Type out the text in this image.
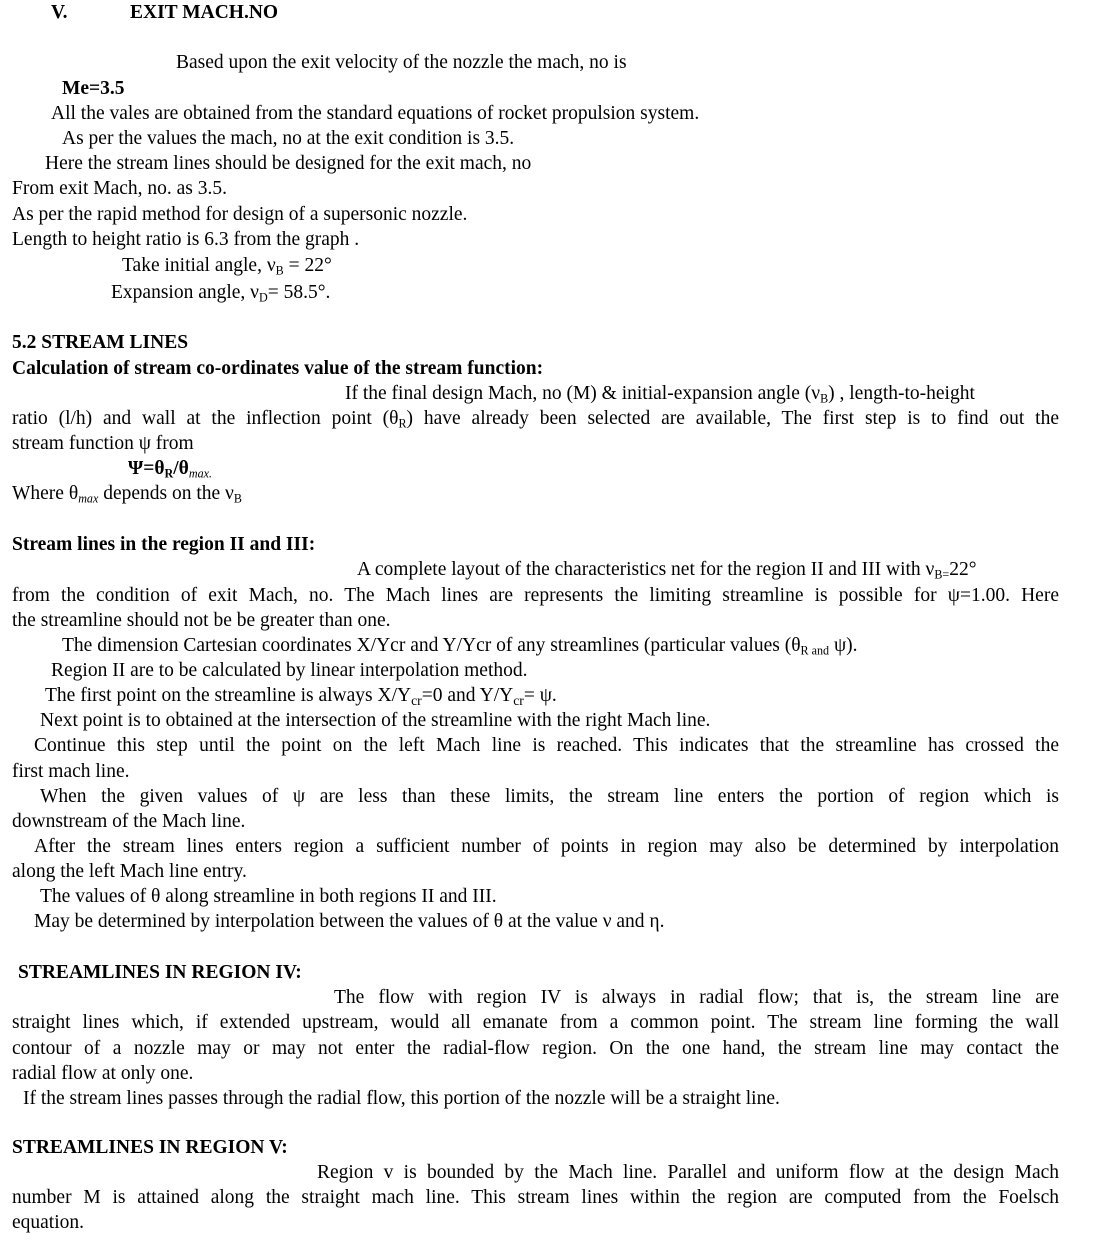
V.	EXIT MACH.NO
Based upon the exit velocity of the nozzle the mach, no is
Me=3.5
All the vales are obtained from the standard equations of rocket propulsion system.
As per the values the mach, no at the exit condition is 3.5.
Here the stream lines should be designed for the exit mach, no
From exit Mach, no. as 3.5.
As per the rapid method for design of a supersonic nozzle.
Length to height ratio is 6.3 from the graph .
Take initial angle, $\nu_B = 22^\circ$
Expansion angle, $\nu_D= 58.5^\circ$.
5.2 STREAM LINES
Calculation of stream co-ordinates value of the stream function:
If the final design Mach, no (M) & initial-expansion angle $(\nu_B)$ , length-to-height
ratio (l/h) and wall at the inflection point $(\theta_R)$ have already been selected are available, The first step is to find out the
stream function ψ from
$\Psi=\theta_R/\theta_{max.}$
Where $\theta_{max}$ depends on the $\nu_B$
Stream lines in the region II and III:
A complete layout of the characteristics net for the region II and III with $\nu_{B=}22^\circ$
from the condition of exit Mach, no. The Mach lines are represents the limiting streamline is possible for ψ=1.00. Here
the streamline should not be be greater than one.
The dimension Cartesian coordinates X/Ycr and Y/Ycr of any streamlines (particular values ($\theta_{R and}$ ψ).
Region II are to be calculated by linear interpolation method.
The first point on the streamline is always $X/Y_{cr}=0$ and $Y/Y_{cr}= \psi$.
Next point is to obtained at the intersection of the streamline with the right Mach line.
Continue this step until the point on the left Mach line is reached. This indicates that the streamline has crossed the
first mach line.
When the given values of ψ are less than these limits, the stream line enters the portion of region which is
downstream of the Mach line.
After the stream lines enters region a sufficient number of points in region may also be determined by interpolation
along the left Mach line entry.
The values of θ along streamline in both regions II and III.
May be determined by interpolation between the values of θ at the value ν and η.
STREAMLINES IN REGION IV:
The flow with region IV is always in radial flow; that is, the stream line are
straight lines which, if extended upstream, would all emanate from a common point. The stream line forming the wall
contour of a nozzle may or may not enter the radial-flow region. On the one hand, the stream line may contact the
radial flow at only one.
If the stream lines passes through the radial flow, this portion of the nozzle will be a straight line.
STREAMLINES IN REGION V:
Region v is bounded by the Mach line. Parallel and uniform flow at the design Mach
number M is attained along the straight mach line. This stream lines within the region are computed from the Foelsch
equation.
